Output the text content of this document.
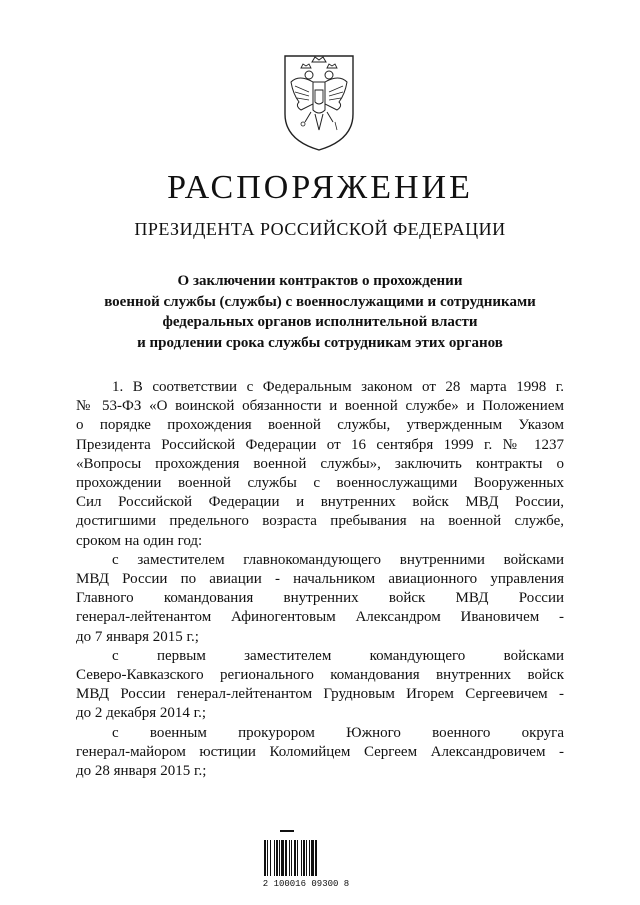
РАСПОРЯЖЕНИЕ
ПРЕЗИДЕНТА РОССИЙСКОЙ ФЕДЕРАЦИИ
О заключении контрактов о прохождении
военной службы (службы) с военнослужащими и сотрудниками
федеральных органов исполнительной власти
и продлении срока службы сотрудникам этих органов
1. В соответствии с Федеральным законом от 28 марта 1998 г.
№ 53-ФЗ «О воинской обязанности и военной службе» и Положением
о порядке прохождения военной службы, утвержденным Указом
Президента Российской Федерации от 16 сентября 1999 г. № 1237
«Вопросы прохождения военной службы», заключить контракты о
прохождении военной службы с военнослужащими Вооруженных
Сил Российской Федерации и внутренних войск МВД России,
достигшими предельного возраста пребывания на военной службе,
сроком на один год:
с заместителем главнокомандующего внутренними войсками
МВД России по авиации - начальником авиационного управления
Главного командования внутренних войск МВД России
генерал-лейтенантом Афиногентовым Александром Ивановичем -
до 7 января 2015 г.;
с первым заместителем командующего войсками
Северо-Кавказского регионального командования внутренних войск
МВД России генерал-лейтенантом Грудновым Игорем Сергеевичем -
до 2 декабря 2014 г.;
с военным прокурором Южного военного округа
генерал-майором юстиции Коломийцем Сергеем Александровичем -
до 28 января 2015 г.;
2 100016 09300 8
